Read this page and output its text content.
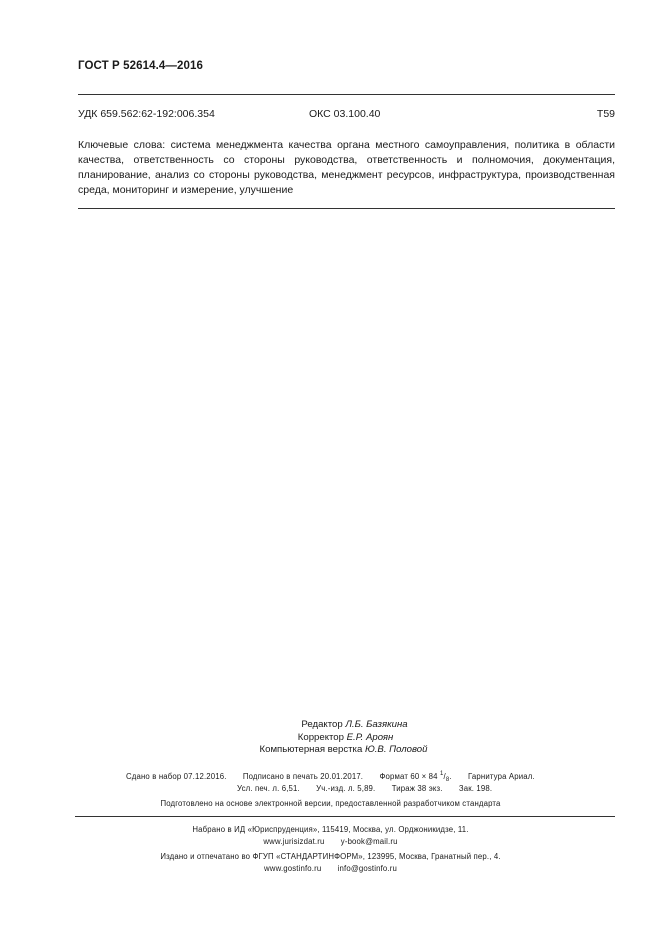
ГОСТ Р 52614.4—2016
УДК 659.562:62-192:006.354	ОКС 03.100.40	Т59
Ключевые слова: система менеджмента качества органа местного самоуправления, политика в области качества, ответственность со стороны руководства, ответственность и полномочия, документация, планирование, анализ со стороны руководства, менеджмент ресурсов, инфраструктура, производственная среда, мониторинг и измерение, улучшение
Редактор Л.Б. Базякина
Корректор Е.Р. Ароян
Компьютерная верстка Ю.В. Половой
Сдано в набор 07.12.2016. Подписано в печать 20.01.2017. Формат 60 × 84 $^1/_8$. Гарнитура Ариал.
Усл. печ. л. 6,51. Уч.-изд. л. 5,89. Тираж 38 экз. Зак. 198.
Подготовлено на основе электронной версии, предоставленной разработчиком стандарта
Набрано в ИД «Юриспруденция», 115419, Москва, ул. Орджоникидзе, 11.
www.jurisizdat.ru y-book@mail.ru
Издано и отпечатано во ФГУП «СТАНДАРТИНФОРМ», 123995, Москва, Гранатный пер., 4.
www.gostinfo.ru info@gostinfo.ru
